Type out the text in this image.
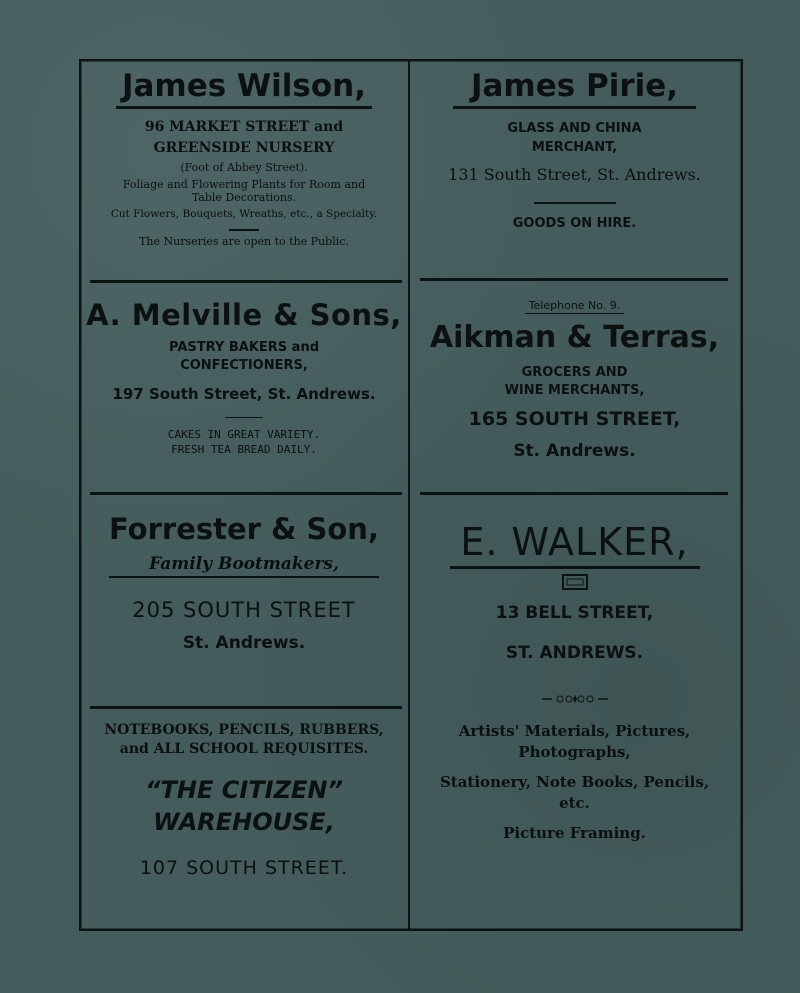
James Wilson,
96 MARKET STREET and
GREENSIDE NURSERY
(Foot of Abbey Street).
Foliage and Flowering Plants for Room and
Table Decorations.
Cut Flowers, Bouquets, Wreaths, etc., a Specialty.
The Nurseries are open to the Public.
James Pirie,
GLASS AND CHINA
MERCHANT,
131 South Street, St. Andrews.
GOODS ON HIRE.
A. Melville & Sons,
PASTRY BAKERS and
CONFECTIONERS,
197 South Street, St. Andrews.
CAKES IN GREAT VARIETY.
FRESH TEA BREAD DAILY.
Telephone No. 9.
Aikman & Terras,
GROCERS AND
WINE MERCHANTS,
165 SOUTH STREET,
St. Andrews.
Forrester & Son,
Family Bootmakers,
205 SOUTH STREET
St. Andrews.
E. WALKER,
13 BELL STREET,
ST. ANDREWS.
Artists' Materials, Pictures,
Photographs,
Stationery, Note Books, Pencils,
etc.
Picture Framing.
NOTEBOOKS, PENCILS, RUBBERS,
and ALL SCHOOL REQUISITES.
“THE CITIZEN”
WAREHOUSE,
107 SOUTH STREET.
